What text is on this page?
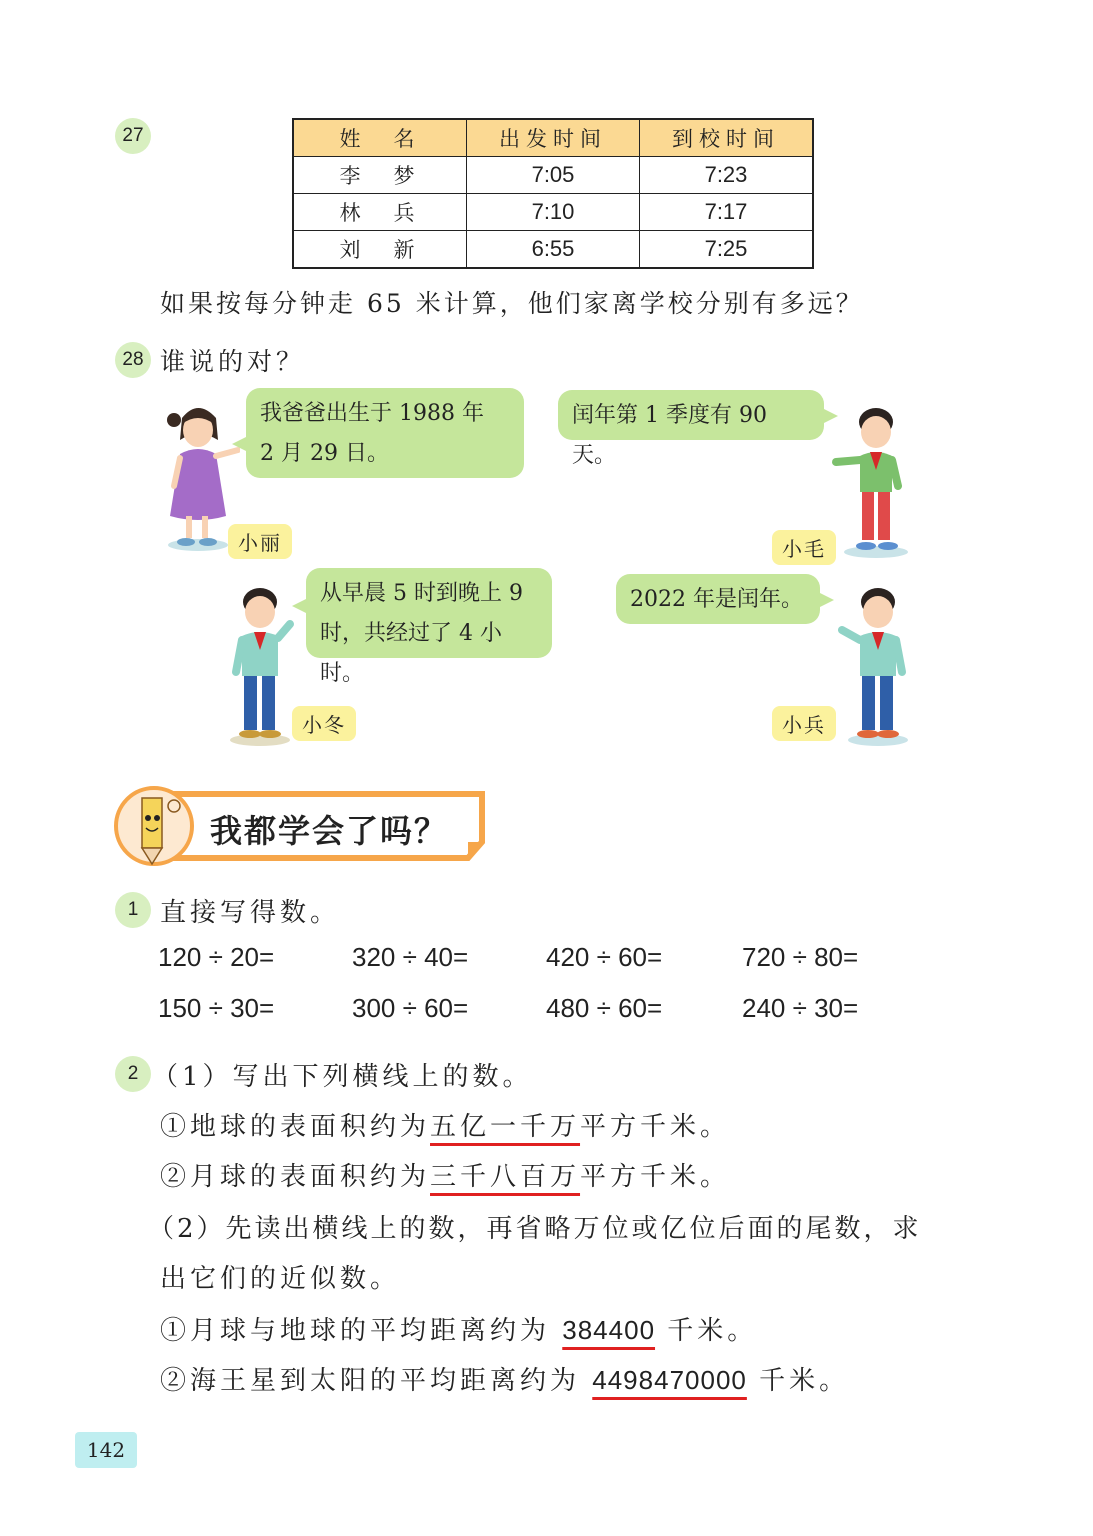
27	姓　名	出发时间	到校时间
李　梦	7:05	7:23
林　兵	7:10	7:17
刘　新	6:55	7:25
如果按每分钟走 65 米计算，他们家离学校分别有多远？
28 谁说的对？
我爸爸出生于 1988 年
2 月 29 日。
小丽
闰年第 1 季度有 90 天。
小毛
从早晨 5 时到晚上 9
时，共经过了 4 小时。
小冬
2022 年是闰年。
小兵
我都学会了吗？
1 直接写得数。
120 ÷ 20=	320 ÷ 40=	420 ÷ 60=	720 ÷ 80=
150 ÷ 30=	300 ÷ 60=	480 ÷ 60=	240 ÷ 30=
2 （1）写出下列横线上的数。
①地球的表面积约为五亿一千万平方千米。
②月球的表面积约为三千八百万平方千米。
（2）先读出横线上的数，再省略万位或亿位后面的尾数，求
出它们的近似数。
①月球与地球的平均距离约为 384400 千米。
②海王星到太阳的平均距离约为 4498470000 千米。
142
